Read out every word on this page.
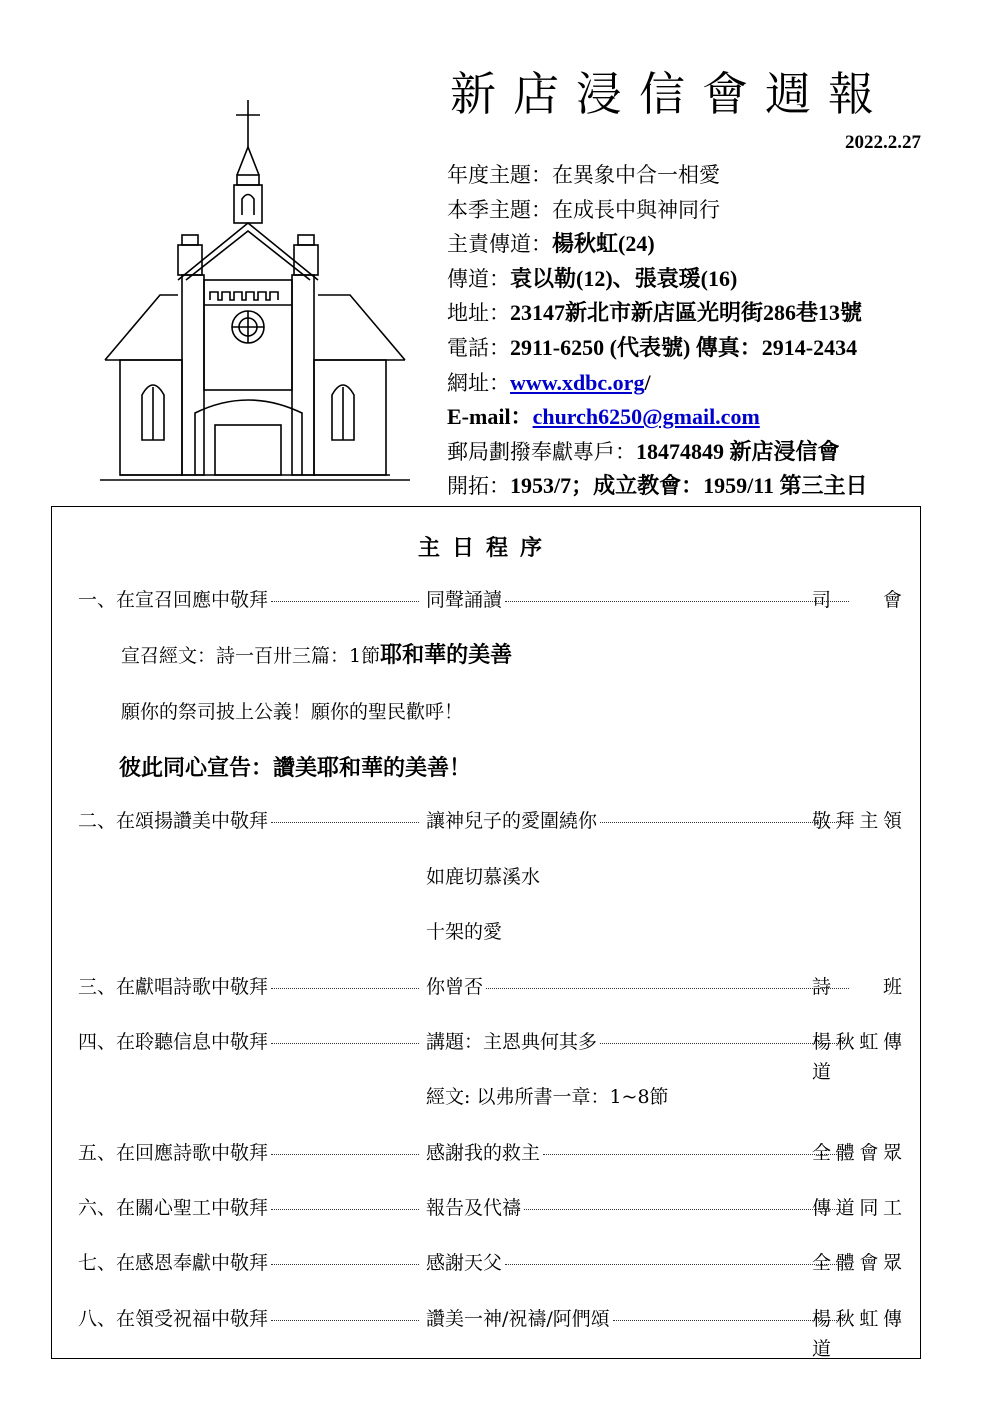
新店浸信會週報
2022.2.27
年度主題：在異象中合一相愛
本季主題：在成長中與神同行
主責傳道：楊秋虹(24)
傳道：袁以勒(12)、張袁瑗(16)
地址：23147新北市新店區光明街286巷13號
電話：2911-6250 (代表號) 傳真：2914-2434
網址：www.xdbc.org/
E-mail：church6250@gmail.com
郵局劃撥奉獻專戶：18474849 新店浸信會
開拓：1953/7；成立教會：1959/11 第三主日
主日程序
一、在宣召回應中敬拜	同聲誦讀	司會
宣召經文：詩一百卅三篇：1節耶和華的美善
願你的祭司披上公義！願你的聖民歡呼！
彼此同心宣告：讚美耶和華的美善！
二、在頌揚讚美中敬拜	讓神兒子的愛圍繞你	敬拜主領
如鹿切慕溪水
十架的愛
三、在獻唱詩歌中敬拜	你曾否	詩班
四、在聆聽信息中敬拜	講題：主恩典何其多	楊秋虹傳道
經文: 以弗所書一章：1~8節
五、在回應詩歌中敬拜	感謝我的救主	全體會眾
六、在關心聖工中敬拜	報告及代禱	傳道同工
七、在感恩奉獻中敬拜	感謝天父	全體會眾
八、在領受祝福中敬拜	讚美一神/祝禱/阿們頌	楊秋虹傳道
